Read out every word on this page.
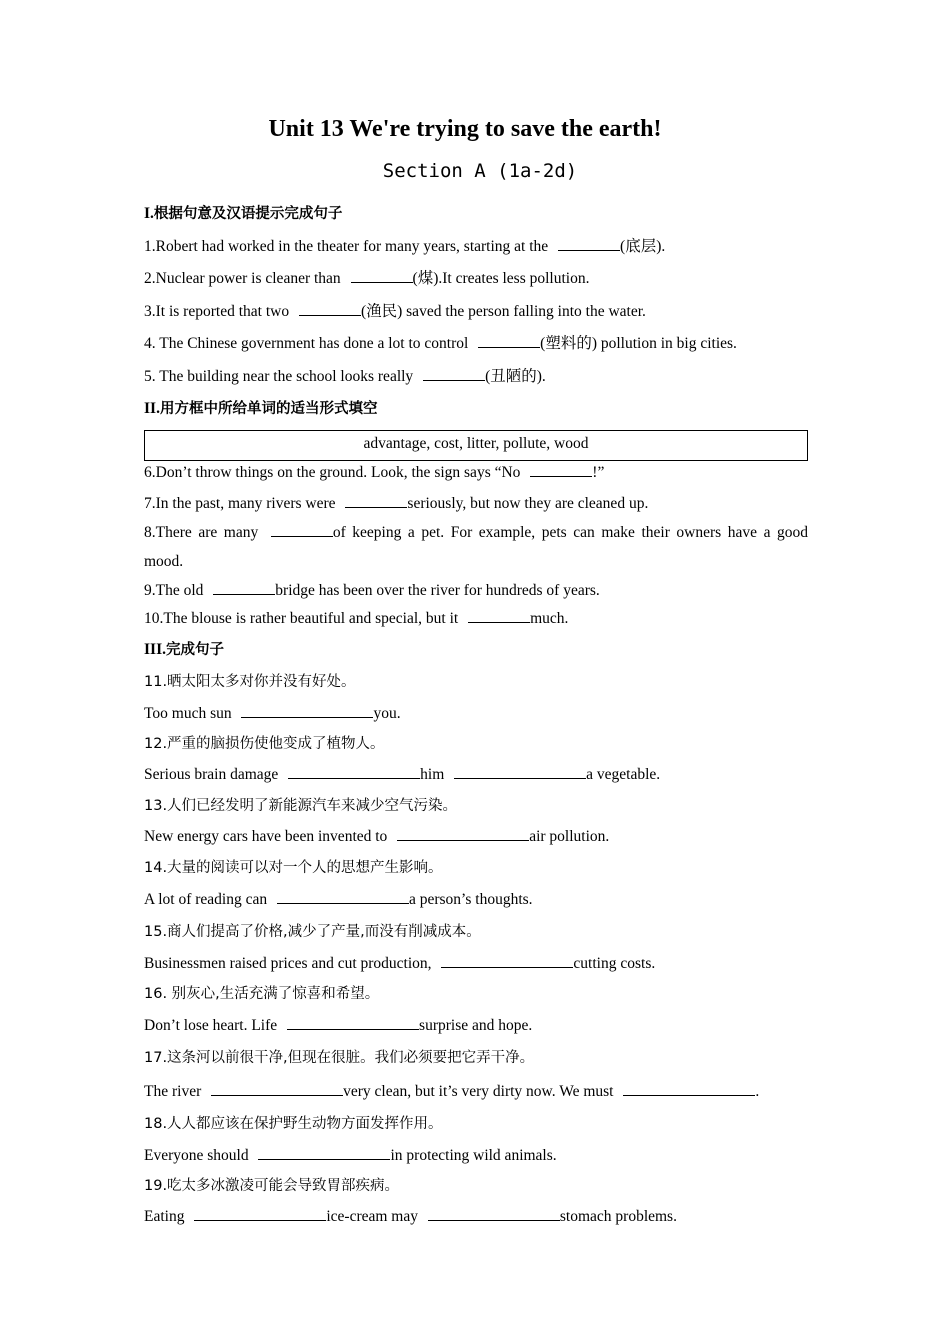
Unit 13 We're trying to save the earth!
Section A (1a-2d)
I.根据句意及汉语提示完成句子
1.Robert had worked in the theater for many years, starting at the	(底层).
2.Nuclear power is cleaner than	(煤).It creates less pollution.
3.It is reported that two	(渔民) saved the person falling into the water.
4. The Chinese government has done a lot to control	(塑料的) pollution in big cities.
5. The building near the school looks really	(丑陋的).
II.用方框中所给单词的适当形式填空
advantage, cost, litter, pollute, wood
6.Don’t throw things on the ground. Look, the sign says “No	!”
7.In the past, many rivers were	seriously, but now they are cleaned up.
8.There are many	of keeping a pet. For example, pets can make their owners have a good mood.
9.The old	bridge has been over the river for hundreds of years.
10.The blouse is rather beautiful and special, but it	much.
III.完成句子
11.晒太阳太多对你并没有好处。
Too much sun	you.
12.严重的脑损伤使他变成了植物人。
Serious brain damage	him	a vegetable.
13.人们已经发明了新能源汽车来减少空气污染。
New energy cars have been invented to	air pollution.
14.大量的阅读可以对一个人的思想产生影响。
A lot of reading can	a person’s thoughts.
15.商人们提高了价格,减少了产量,而没有削减成本。
Businessmen raised prices and cut production,	cutting costs.
16. 别灰心,生活充满了惊喜和希望。
Don’t lose heart. Life	surprise and hope.
17.这条河以前很干净,但现在很脏。我们必须要把它弄干净。
The river	very clean, but it’s very dirty now. We must	.
18.人人都应该在保护野生动物方面发挥作用。
Everyone should	in protecting wild animals.
19.吃太多冰激凌可能会导致胃部疾病。
Eating	ice-cream may	stomach problems.
